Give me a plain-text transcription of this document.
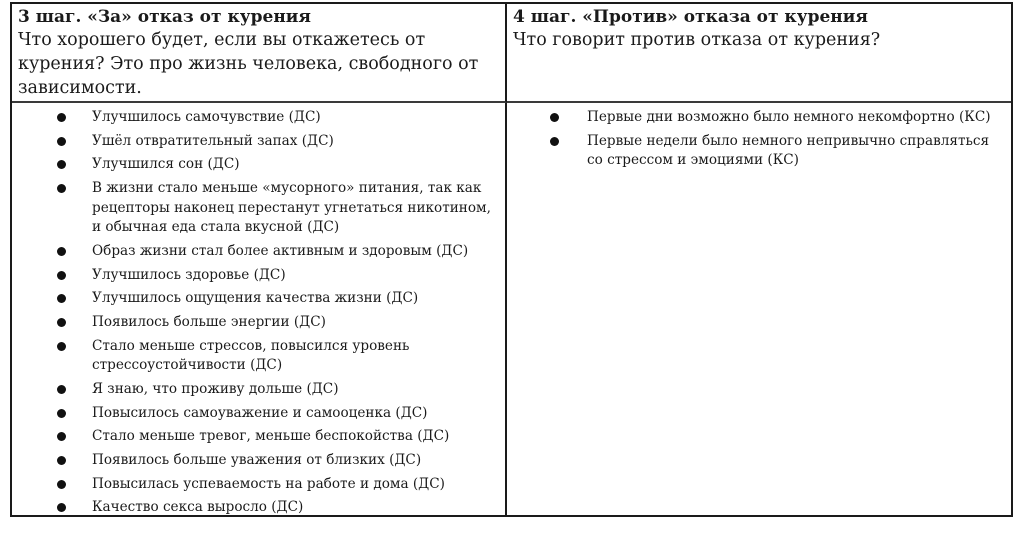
3 шаг. «За» отказ от курения
Что хорошего будет, если вы откажетесь от курения? Это про жизнь человека, свободного от зависимости.
4 шаг. «Против» отказа от курения
Что говорит против отказа от курения?
Улучшилось самочувствие (ДС)
Ушёл отвратительный запах (ДС)
Улучшился сон (ДС)
В жизни стало меньше «мусорного» питания, так как рецепторы наконец перестанут угнетаться никотином, и обычная еда стала вкусной (ДС)
Образ жизни стал более активным и здоровым (ДС)
Улучшилось здоровье (ДС)
Улучшилось ощущения качества жизни (ДС)
Появилось больше энергии (ДС)
Стало меньше стрессов, повысился уровень стрессоустойчивости (ДС)
Я знаю, что проживу дольше (ДС)
Повысилось самоуважение и самооценка (ДС)
Стало меньше тревог, меньше беспокойства (ДС)
Появилось больше уважения от близких (ДС)
Повысилась успеваемость на работе и дома (ДС)
Качество секса выросло (ДС)
Первые дни возможно было немного некомфортно (КС)
Первые недели было немного непривычно справляться со стрессом и эмоциями (КС)
